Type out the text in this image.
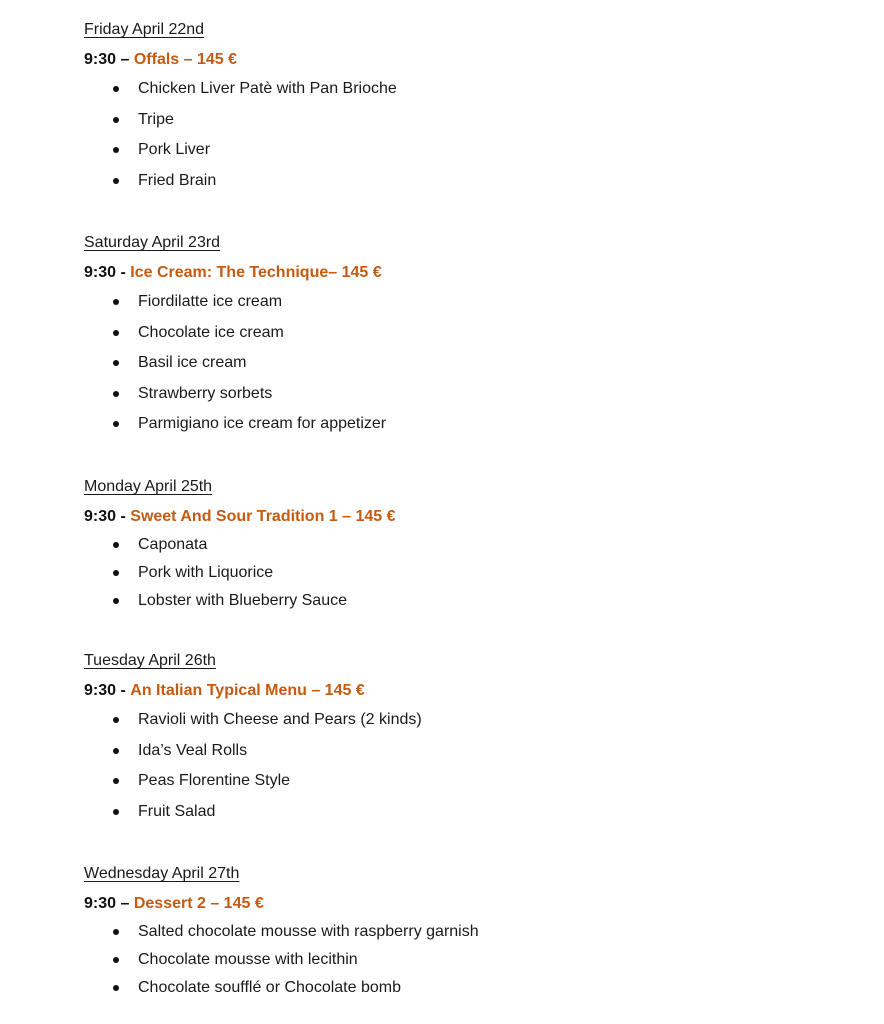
Friday April 22nd
9:30 – Offals – 145 €
Chicken Liver Patè with Pan Brioche
Tripe
Pork Liver
Fried Brain
Saturday April 23rd
9:30 - Ice Cream: The Technique– 145 €
Fiordilatte ice cream
Chocolate ice cream
Basil ice cream
Strawberry sorbets
Parmigiano ice cream for appetizer
Monday April 25th
9:30 - Sweet And Sour Tradition 1 – 145 €
Caponata
Pork with Liquorice
Lobster with Blueberry Sauce
Tuesday April 26th
9:30 - An Italian Typical Menu – 145 €
Ravioli with Cheese and Pears (2 kinds)
Ida’s Veal Rolls
Peas Florentine Style
Fruit Salad
Wednesday April 27th
9:30 – Dessert 2 – 145 €
Salted chocolate mousse with raspberry garnish
Chocolate mousse with lecithin
Chocolate soufflé or Chocolate bomb
